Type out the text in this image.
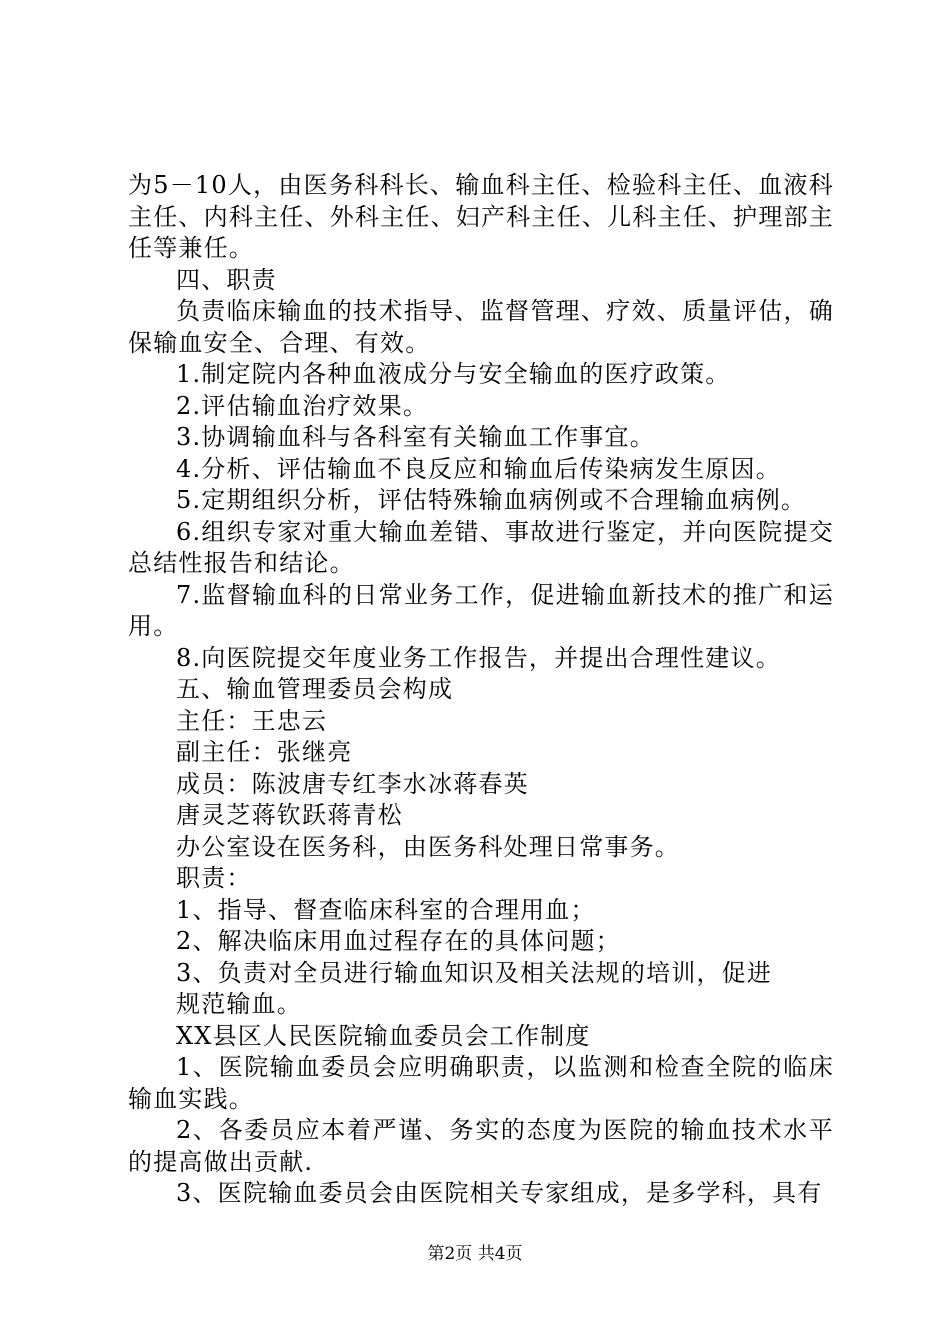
为5－10人，由医务科科长、输血科主任、检验科主任、血液科主任、内科主任、外科主任、妇产科主任、儿科主任、护理部主任等兼任。

四、职责

负责临床输血的技术指导、监督管理、疗效、质量评估，确保输血安全、合理、有效。

1.制定院内各种血液成分与安全输血的医疗政策。

2.评估输血治疗效果。

3.协调输血科与各科室有关输血工作事宜。

4.分析、评估输血不良反应和输血后传染病发生原因。

5.定期组织分析，评估特殊输血病例或不合理输血病例。

6.组织专家对重大输血差错、事故进行鉴定，并向医院提交总结性报告和结论。

7.监督输血科的日常业务工作，促进输血新技术的推广和运用。

8.向医院提交年度业务工作报告，并提出合理性建议。

五、输血管理委员会构成

主任：王忠云

副主任：张继亮

成员：陈波唐专红李水冰蒋春英

唐灵芝蒋钦跃蒋青松

办公室设在医务科，由医务科处理日常事务。

职责：

1、指导、督查临床科室的合理用血；

2、解决临床用血过程存在的具体问题；

3、负责对全员进行输血知识及相关法规的培训，促进

规范输血。

XX县区人民医院输血委员会工作制度

1、医院输血委员会应明确职责，以监测和检查全院的临床输血实践。

2、各委员应本着严谨、务实的态度为医院的输血技术水平的提高做出贡献.

3、医院输血委员会由医院相关专家组成，是多学科，具有

第2页 共4页
